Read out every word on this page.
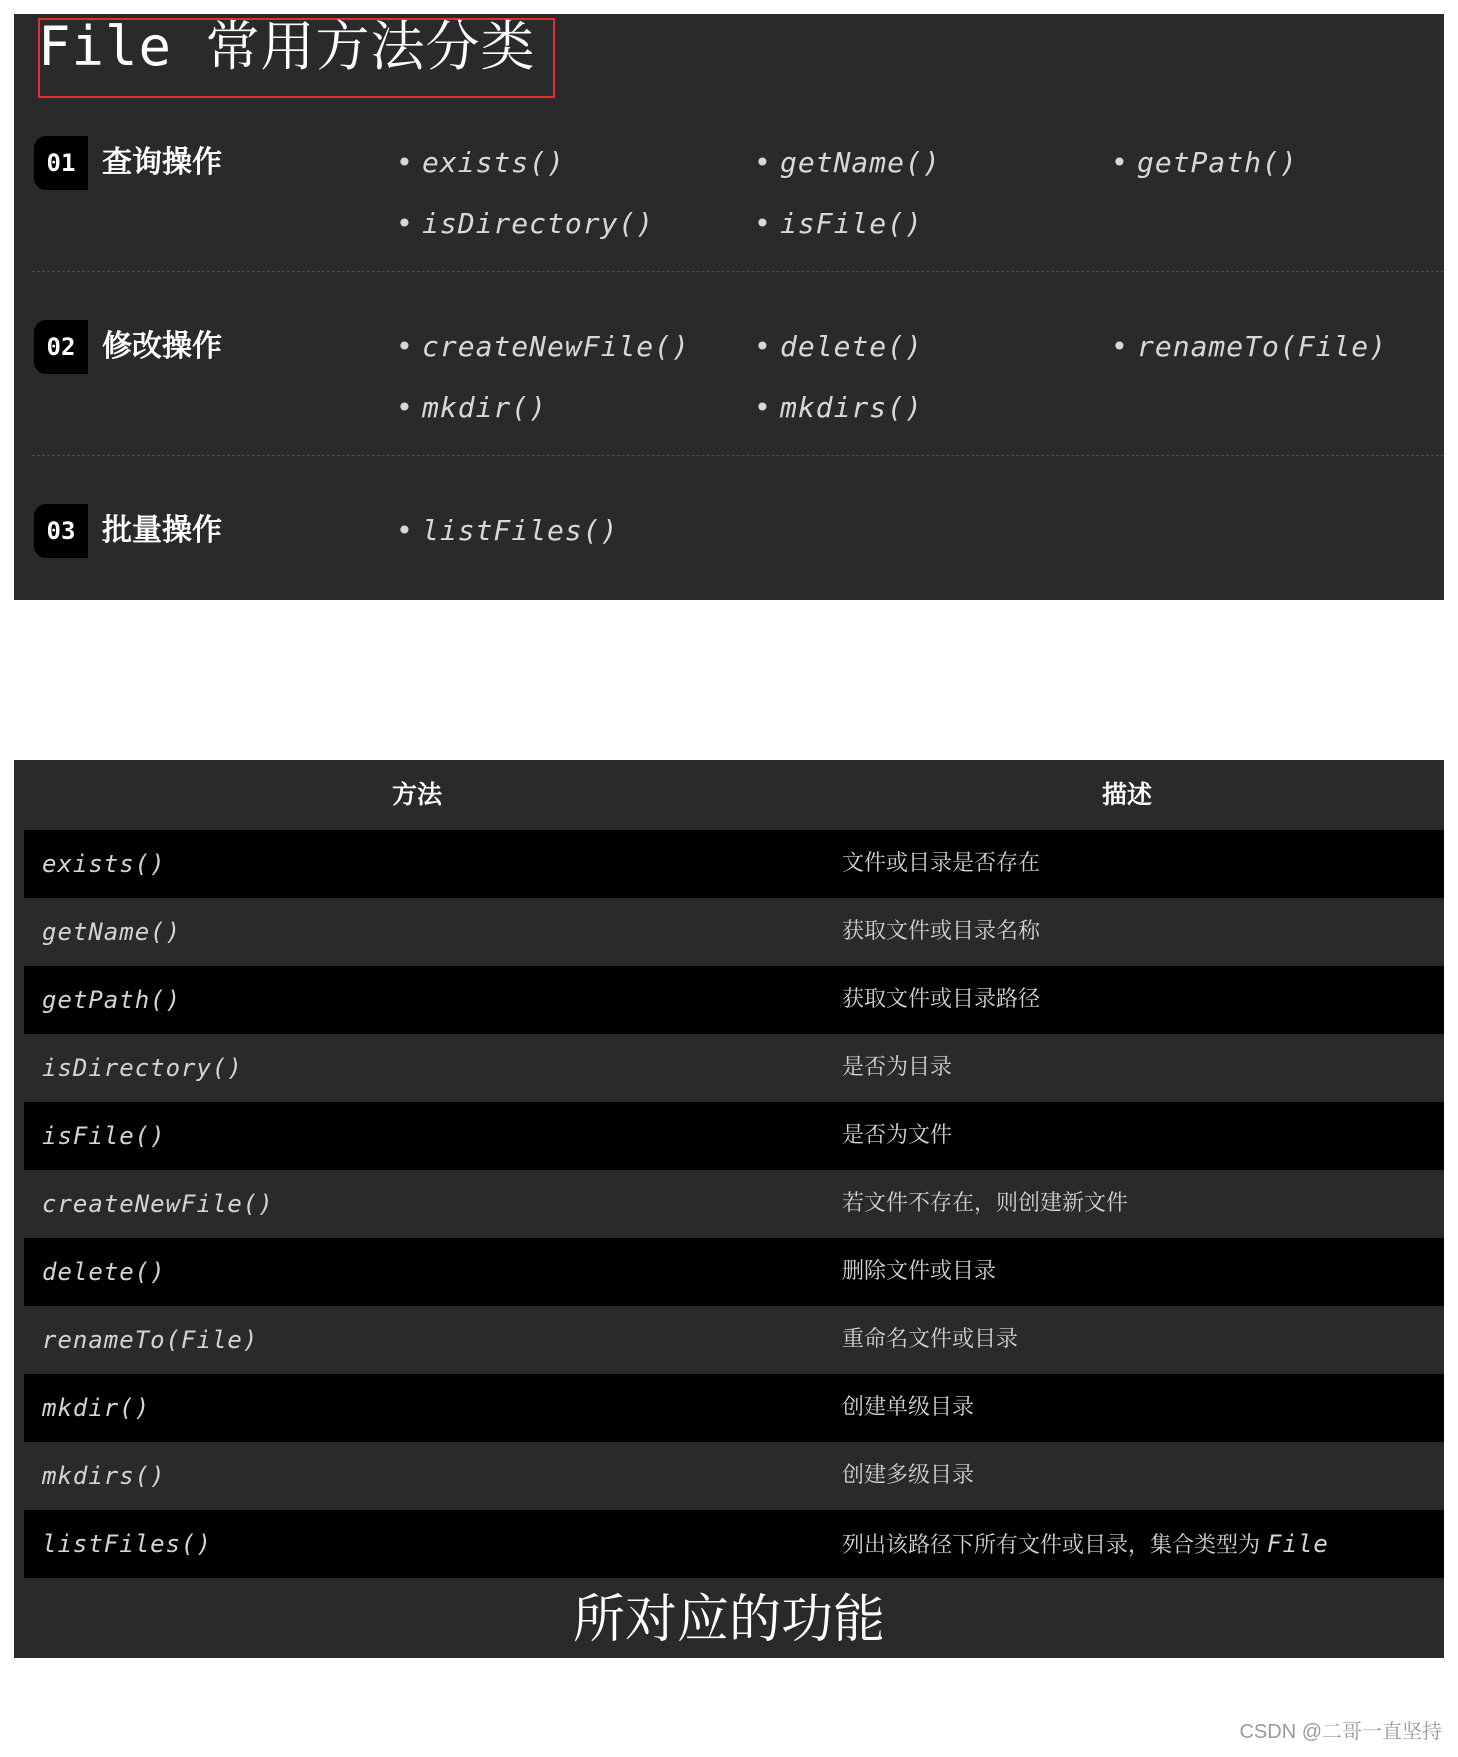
File 常用方法分类
01 查询操作	• exists()	• getName()	• getPath()
• isDirectory()	• isFile()
02 修改操作	• createNewFile() • delete()	• renameTo(File)
• mkdir()	• mkdirs()
03 批量操作	• listFiles()
方法	描述
exists()	文件或目录是否存在
getName()	获取文件或目录名称
getPath()	获取文件或目录路径
isDirectory()	是否为目录
isFile()	是否为文件
createNewFile()	若文件不存在，则创建新文件
delete()	删除文件或目录
renameTo(File)	重命名文件或目录
mkdir()	创建单级目录
mkdirs()	创建多级目录
listFiles()	列出该路径下所有文件或目录，集合类型为 File
所对应的功能
CSDN @二哥一直坚持
